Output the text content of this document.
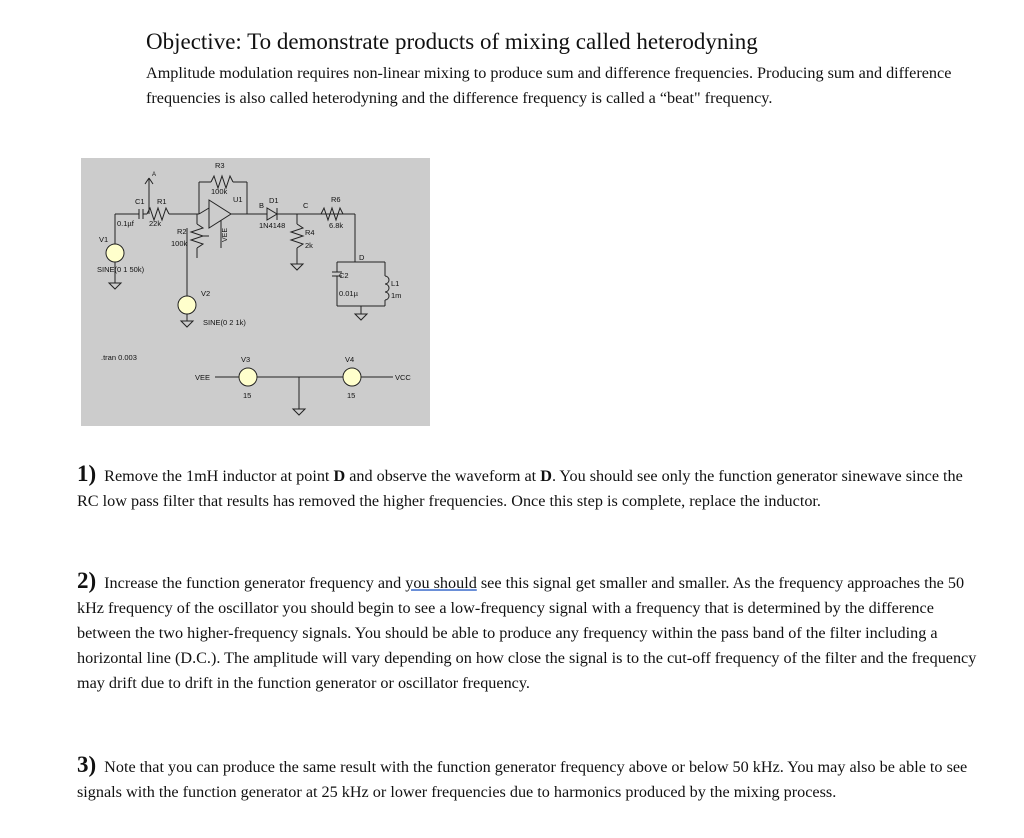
Objective: To demonstrate products of mixing called heterodyning
Amplitude modulation requires non-linear mixing to produce sum and difference frequencies. Producing sum and difference frequencies is also called heterodyning and the difference frequency is called a “beat" frequency.
R3
100k
U1
B
D1
1N4148
C
R6
6.8k
C1 R1
0.1µf 22k
R2
100k
R4
2k
V1
SINE(0 1 50k)
D
C2
0.01µ
L1
1m
V2
SINE(0 2 1k)
.tran 0.003	V3
15
V4
15
VEE	VCC
A
VEE
1) Remove the 1mH inductor at point D and observe the waveform at D. You should see only the function generator sinewave since the RC low pass filter that results has removed the higher frequencies. Once this step is complete, replace the inductor.
2) Increase the function generator frequency and you should see this signal get smaller and smaller. As the frequency approaches the 50 kHz frequency of the oscillator you should begin to see a low-frequency signal with a frequency that is determined by the difference between the two higher-frequency signals. You should be able to produce any frequency within the pass band of the filter including a horizontal line (D.C.). The amplitude will vary depending on how close the signal is to the cut-off frequency of the filter and the frequency may drift due to drift in the function generator or oscillator frequency.
3) Note that you can produce the same result with the function generator frequency above or below 50 kHz. You may also be able to see signals with the function generator at 25 kHz or lower frequencies due to harmonics produced by the mixing process.
